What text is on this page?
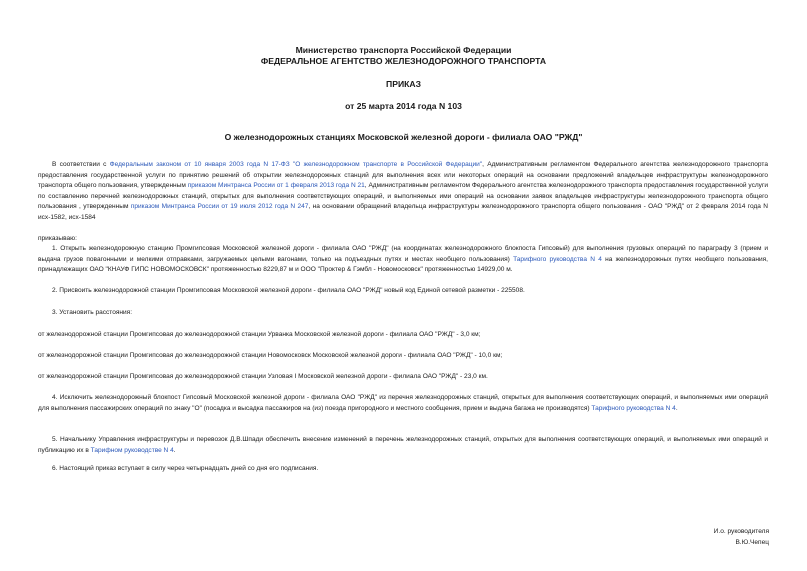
Министерство транспорта Российской Федерации
ФЕДЕРАЛЬНОЕ АГЕНТСТВО ЖЕЛЕЗНОДОРОЖНОГО ТРАНСПОРТА
ПРИКАЗ
от 25 марта 2014 года N 103
О железнодорожных станциях Московской железной дороги - филиала ОАО "РЖД"
В соответствии с Федеральным законом от 10 января 2003 года N 17-ФЗ "О железнодорожном транспорте в Российской Федерации", Административным регламентом Федерального агентства железнодорожного транспорта предоставления государственной услуги по принятию решений об открытии железнодорожных станций для выполнения всех или некоторых операций на основании предложений владельцев инфраструктуры железнодорожного транспорта общего пользования, утвержденным приказом Минтранса России от 1 февраля 2013 года N 21, Административным регламентом Федерального агентства железнодорожного транспорта предоставления государственной услуги по составлению перечней железнодорожных станций, открытых для выполнения соответствующих операций, и выполняемых ими операций на основании заявок владельцев инфраструктуры железнодорожного транспорта общего пользования , утвержденным приказом Минтранса России от 19 июля 2012 года N 247, на основании обращений владельца инфраструктуры железнодорожного транспорта общего пользования - ОАО "РЖД" от 2 февраля 2014 года N исх-1582, исх-1584
приказываю:
1. Открыть железнодорожную станцию Промгипсовая Московской железной дороги - филиала ОАО "РЖД" (на координатах железнодорожного блокпоста Гипсовый) для выполнения грузовых операций по параграфу 3 (прием и выдача грузов повагонными и мелкими отправками, загружаемых целыми вагонами, только на подъездных путях и местах необщего пользования) Тарифного руководства N 4 на железнодорожных путях необщего пользования, принадлежащих ОАО "КНАУФ ГИПС НОВОМОСКОВСК" протяженностью 8229,87 м и ООО "Проктер & Гэмбл - Новомосковск" протяженностью 14929,00 м.
2. Присвоить железнодорожной станции Промгипсовая Московской железной дороги - филиала ОАО "РЖД" новый код Единой сетевой разметки - 225508.
3. Установить расстояния:
от железнодорожной станции Промгипсовая до железнодорожной станции Урванка Московской железной дороги - филиала ОАО "РЖД" - 3,0 км;
от железнодорожной станции Промгипсовая до железнодорожной станции Новомосковск Московской железной дороги - филиала ОАО "РЖД" - 10,0 км;
от железнодорожной станции Промгипсовая до железнодорожной станции Узловая I Московской железной дороги - филиала ОАО "РЖД" - 23,0 км.
4. Исключить железнодорожный блокпост Гипсовый Московской железной дороги - филиала ОАО "РЖД" из перечня железнодорожных станций, открытых для выполнения соответствующих операций, и выполняемых ими операций для выполнения пассажирских операций по знаку "О" (посадка и высадка пассажиров на (из) поезда пригородного и местного сообщения, прием и выдача багажа не производятся) Тарифного руководства N 4.
5. Начальнику Управления инфраструктуры и перевозок Д.В.Шпади обеспечить внесение изменений в перечень железнодорожных станций, открытых для выполнения соответствующих операций, и выполняемых ими операций и публикацию их в Тарифном руководстве N 4.
6. Настоящий приказ вступает в силу через четырнадцать дней со дня его подписания.
И.о. руководителя
В.Ю.Чепец
